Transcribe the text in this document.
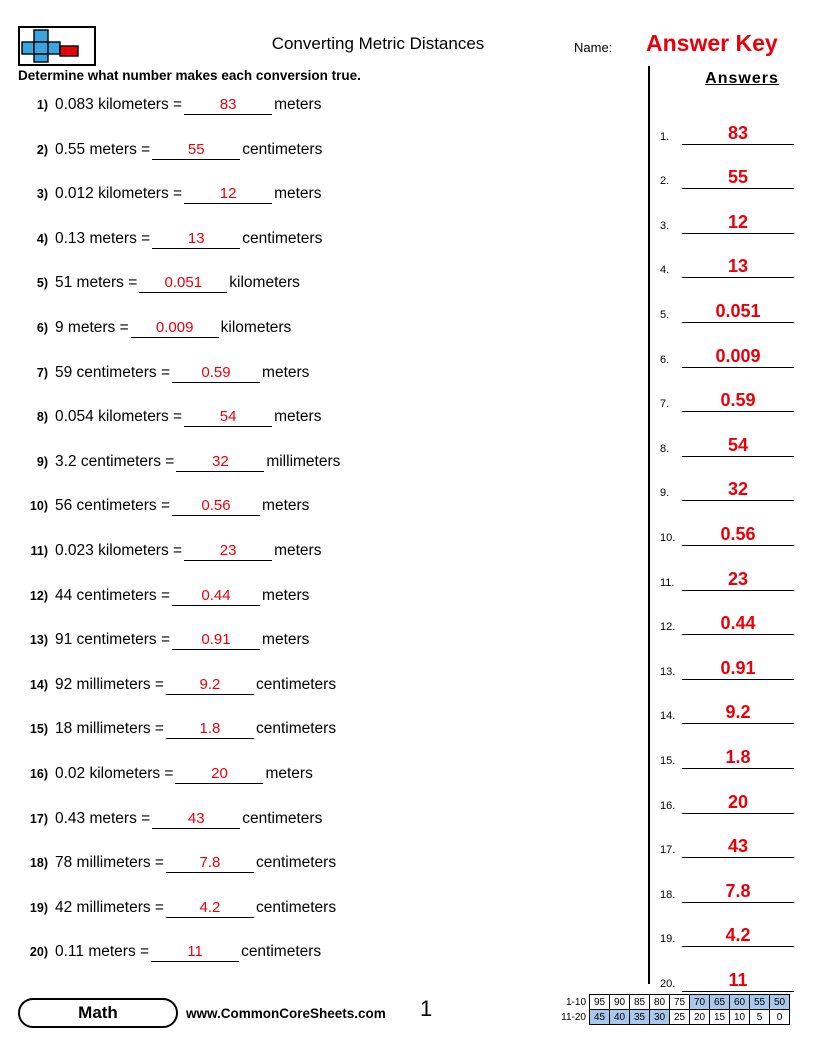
Converting Metric Distances	Name: Answer Key
Determine what number makes each conversion true.	Answers
1) 0.083 kilometers =	83 meters
2) 0.55 meters =	55 centimeters
3) 0.012 kilometers =	12 meters
4) 0.13 meters =	13 centimeters
5) 51 meters = 0.051 kilometers
6) 9 meters = 0.009 kilometers
7) 59 centimeters = 0.59 meters
8) 0.054 kilometers =	54 meters
9) 3.2 centimeters =	32 millimeters
10) 56 centimeters = 0.56 meters
11) 0.023 kilometers =	23 meters
12) 44 centimeters = 0.44 meters
13) 91 centimeters = 0.91 meters
14) 92 millimeters = 9.2 centimeters
15) 18 millimeters = 1.8 centimeters
16) 0.02 kilometers =	20 meters
17) 0.43 meters =	43 centimeters
18) 78 millimeters = 7.8 centimeters
19) 42 millimeters = 4.2 centimeters
20) 0.11 meters =	11 centimeters
1.	83
2.	55
3.	12
4.	13
5.	0.051
6.	0.009
7.	0.59
8.	54
9.	32
10.	0.56
11.	23
12.	0.44
13.	0.91
14.	9.2
15.	1.8
16.	20
17.	43
18.	7.8
19.	4.2
20.	11
Math	www.CommonCoreSheets.com 1	1-10	95	90	85	80	75	70	65	60	55	50
11-20	45	40	35	30	25	20	15	10	5	0
